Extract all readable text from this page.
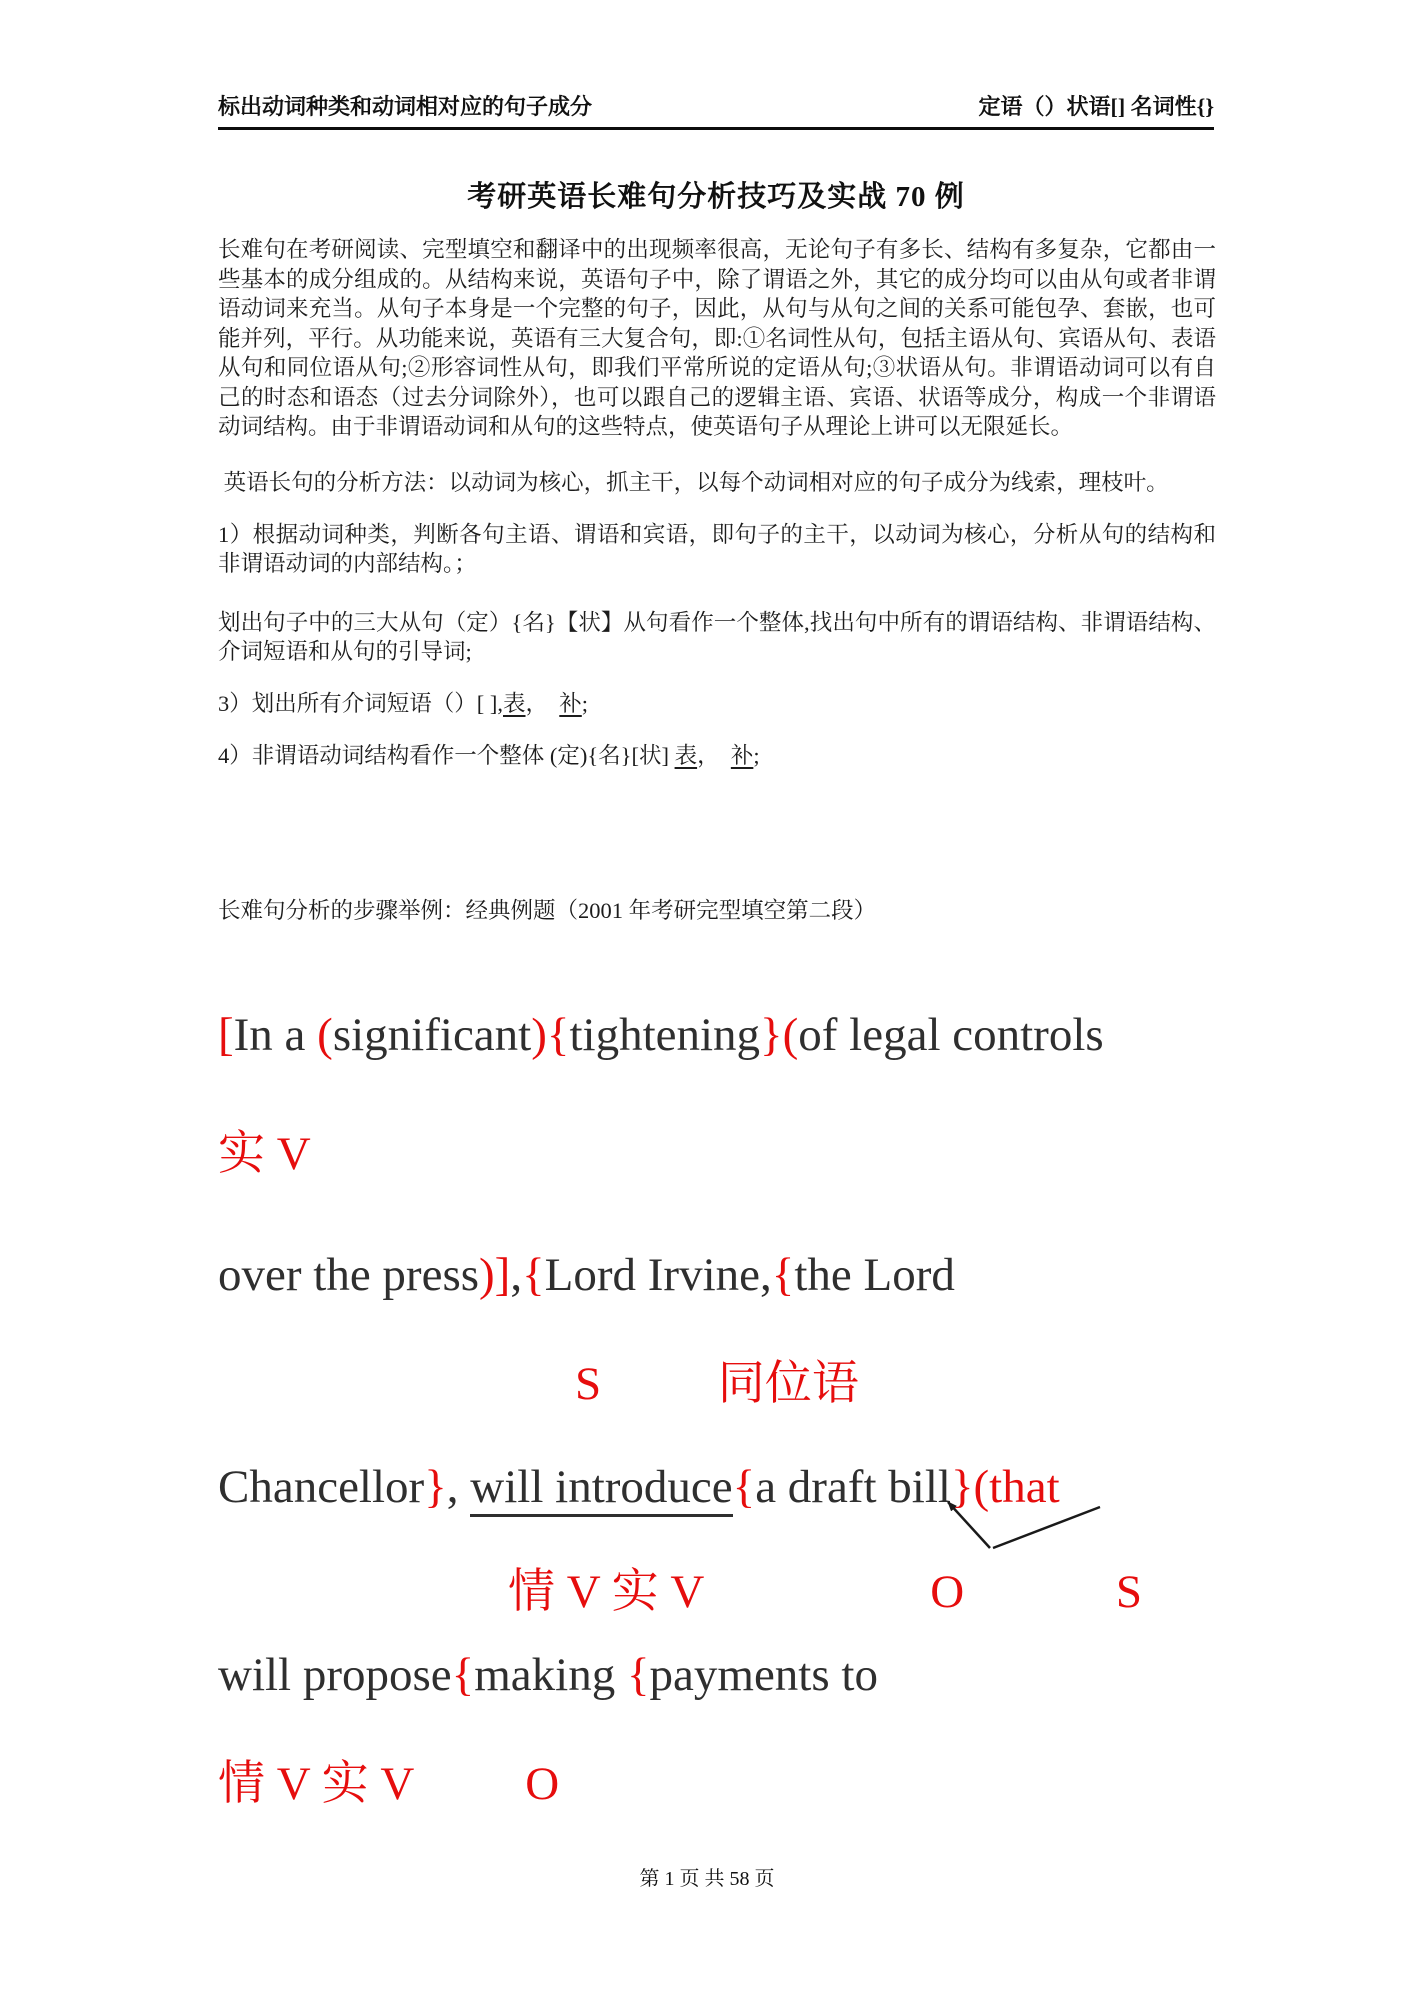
标出动词种类和动词相对应的句子成分	定语（）状语[] 名词性{}
考研英语长难句分析技巧及实战 70 例

长难句在考研阅读、完型填空和翻译中的出现频率很高，无论句子有多长、结构有多复杂，它都由一些基本的成分组成的。从结构来说，英语句子中，除了谓语之外，其它的成分均可以由从句或者非谓语动词来充当。从句子本身是一个完整的句子，因此，从句与从句之间的关系可能包孕、套嵌，也可能并列，平行。从功能来说，英语有三大复合句，即:①名词性从句，包括主语从句、宾语从句、表语从句和同位语从句;②形容词性从句，即我们平常所说的定语从句;③状语从句。非谓语动词可以有自己的时态和语态（过去分词除外），也可以跟自己的逻辑主语、宾语、状语等成分，构成一个非谓语动词结构。由于非谓语动词和从句的这些特点，使英语句子从理论上讲可以无限延长。

英语长句的分析方法：以动词为核心，抓主干，以每个动词相对应的句子成分为线索，理枝叶。

1）根据动词种类，判断各句主语、谓语和宾语，即句子的主干，以动词为核心，分析从句的结构和非谓语动词的内部结构。；

划出句子中的三大从句（定）{名}【状】从句看作一个整体,找出句中所有的谓语结构、非谓语结构、介词短语和从句的引导词;

3）划出所有介词短语（）[ ],表，　补;

4）非谓语动词结构看作一个整体 (定){名}[状] 表，　补;

长难句分析的步骤举例：经典例题（2001 年考研完型填空第二段）
[In a (significant){tightening}(of legal controls
实 V
over the press)],{Lord Irvine,{the Lord
S 同位语
Chancellor}, will introduce{a draft bill}(that
情 V 实 V	O	S
will propose{making {payments to
情 V 实 V O
第 1 页 共 58 页
